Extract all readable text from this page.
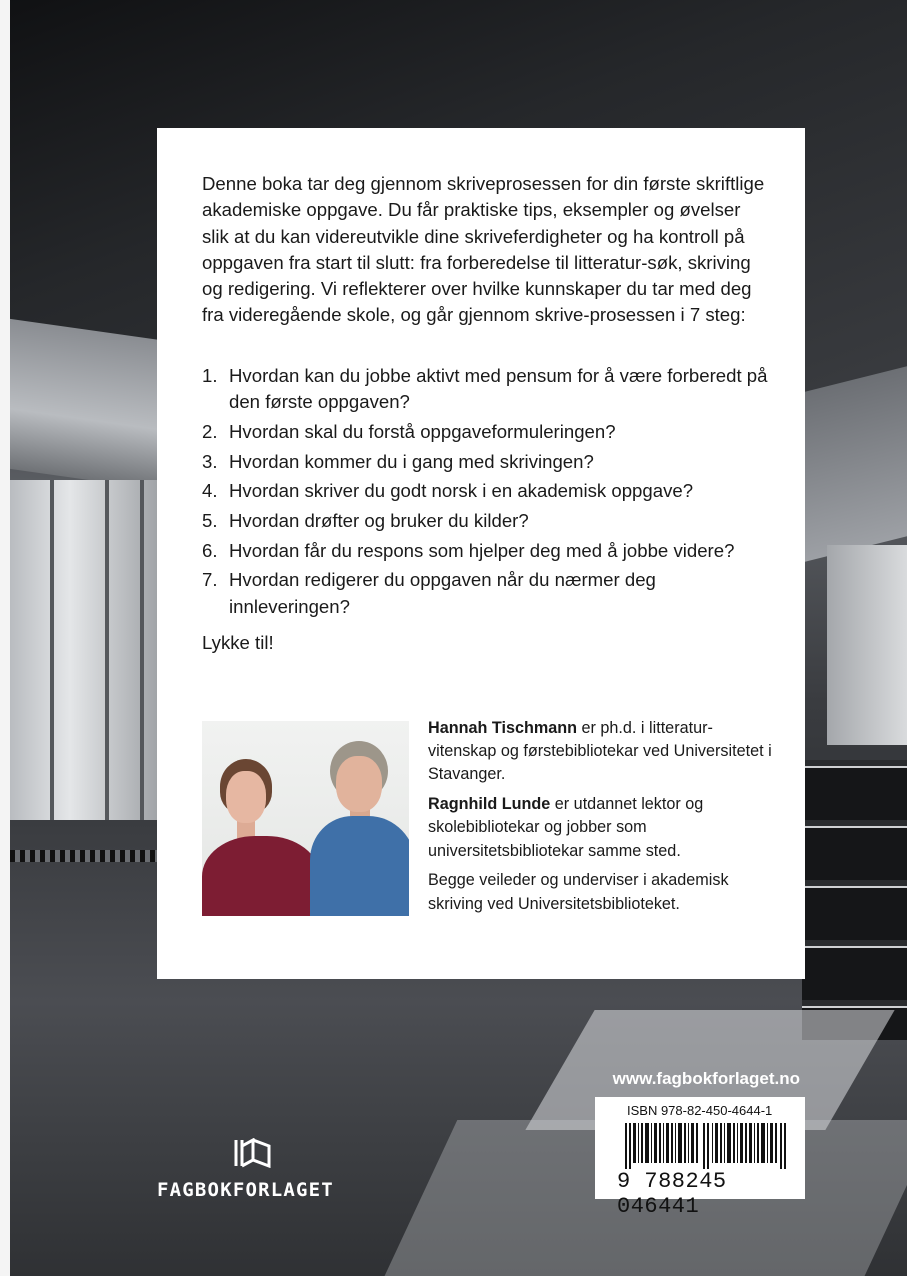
Denne boka tar deg gjennom skriveprosessen for din første skriftlige akademiske oppgave. Du får praktiske tips, eksempler og øvelser slik at du kan videreutvikle dine skriveferdigheter og ha kontroll på oppgaven fra start til slutt: fra forberedelse til litteratur-søk, skriving og redigering. Vi reflekterer over hvilke kunnskaper du tar med deg fra videregående skole, og går gjennom skrive-prosessen i 7 steg:

1. Hvordan kan du jobbe aktivt med pensum for å være forberedt på den første oppgaven?
2. Hvordan skal du forstå oppgaveformuleringen?
3. Hvordan kommer du i gang med skrivingen?
4. Hvordan skriver du godt norsk i en akademisk oppgave?
5. Hvordan drøfter og bruker du kilder?
6. Hvordan får du respons som hjelper deg med å jobbe videre?
7. Hvordan redigerer du oppgaven når du nærmer deg innleveringen?

Lykke til!

Hannah Tischmann er ph.d. i litteratur-vitenskap og førstebibliotekar ved Universitetet i Stavanger.

Ragnhild Lunde er utdannet lektor og skolebibliotekar og jobber som universitetsbibliotekar samme sted.

Begge veileder og underviser i akademisk skriving ved Universitetsbiblioteket.

www.fagbokforlaget.no
ISBN 978-82-450-4644-1
9 788245 046441
FAGBOKFORLAGET
